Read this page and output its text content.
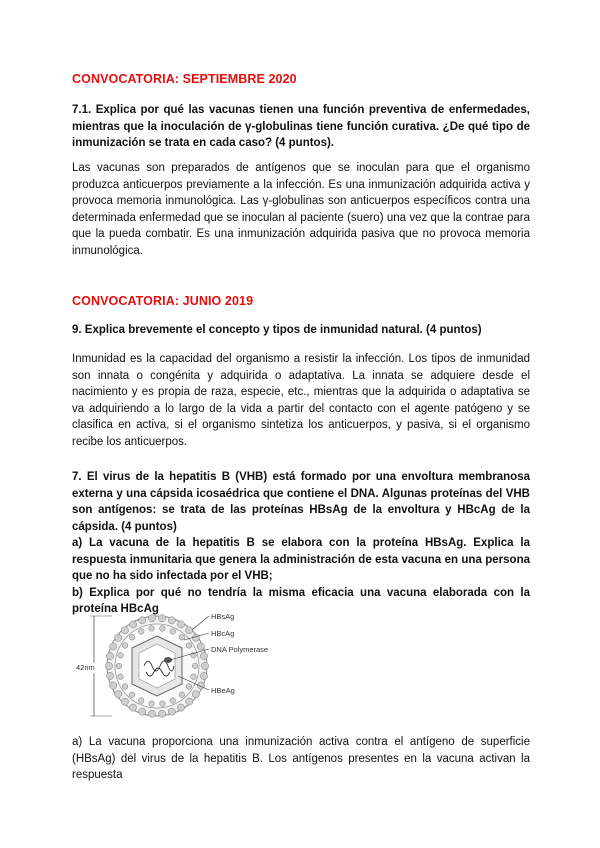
CONVOCATORIA: SEPTIEMBRE 2020

7.1. Explica por qué las vacunas tienen una función preventiva de enfermedades, mientras que la inoculación de γ-globulinas tiene función curativa. ¿De qué tipo de inmunización se trata en cada caso? (4 puntos).

Las vacunas son preparados de antígenos que se inoculan para que el organismo produzca anticuerpos previamente a la infección. Es una inmunización adquirida activa y provoca memoria inmunológica. Las γ-globulinas son anticuerpos específicos contra una determinada enfermedad que se inoculan al paciente (suero) una vez que la contrae para que la pueda combatir. Es una inmunización adquirida pasiva que no provoca memoria inmunológica.

CONVOCATORIA: JUNIO 2019

9. Explica brevemente el concepto y tipos de inmunidad natural. (4 puntos)

Inmunidad es la capacidad del organismo a resistir la infección. Los tipos de inmunidad son innata o congénita y adquirida o adaptativa. La innata se adquiere desde el nacimiento y es propia de raza, especie, etc., mientras que la adquirida o adaptativa se va adquiriendo a lo largo de la vida a partir del contacto con el agente patógeno y se clasifica en activa, si el organismo sintetiza los anticuerpos, y pasiva, si el organismo recibe los anticuerpos.

7. El virus de la hepatitis B (VHB) está formado por una envoltura membranosa externa y una cápsida icosaédrica que contiene el DNA. Algunas proteínas del VHB son antígenos: se trata de las proteínas HBsAg de la envoltura y HBcAg de la cápsida. (4 puntos)

a) La vacuna de la hepatitis B se elabora con la proteína HBsAg. Explica la respuesta inmunitaria que genera la administración de esta vacuna en una persona que no ha sido infectada por el VHB;

b) Explica por qué no tendría la misma eficacia una vacuna elaborada con la proteína HBcAg

42nm
HBsAg
HBcAg
DNA Polymerase
HBeAg

a) La vacuna proporciona una inmunización activa contra el antígeno de superficie (HBsAg) del virus de la hepatitis B. Los antígenos presentes en la vacuna activan la respuesta
